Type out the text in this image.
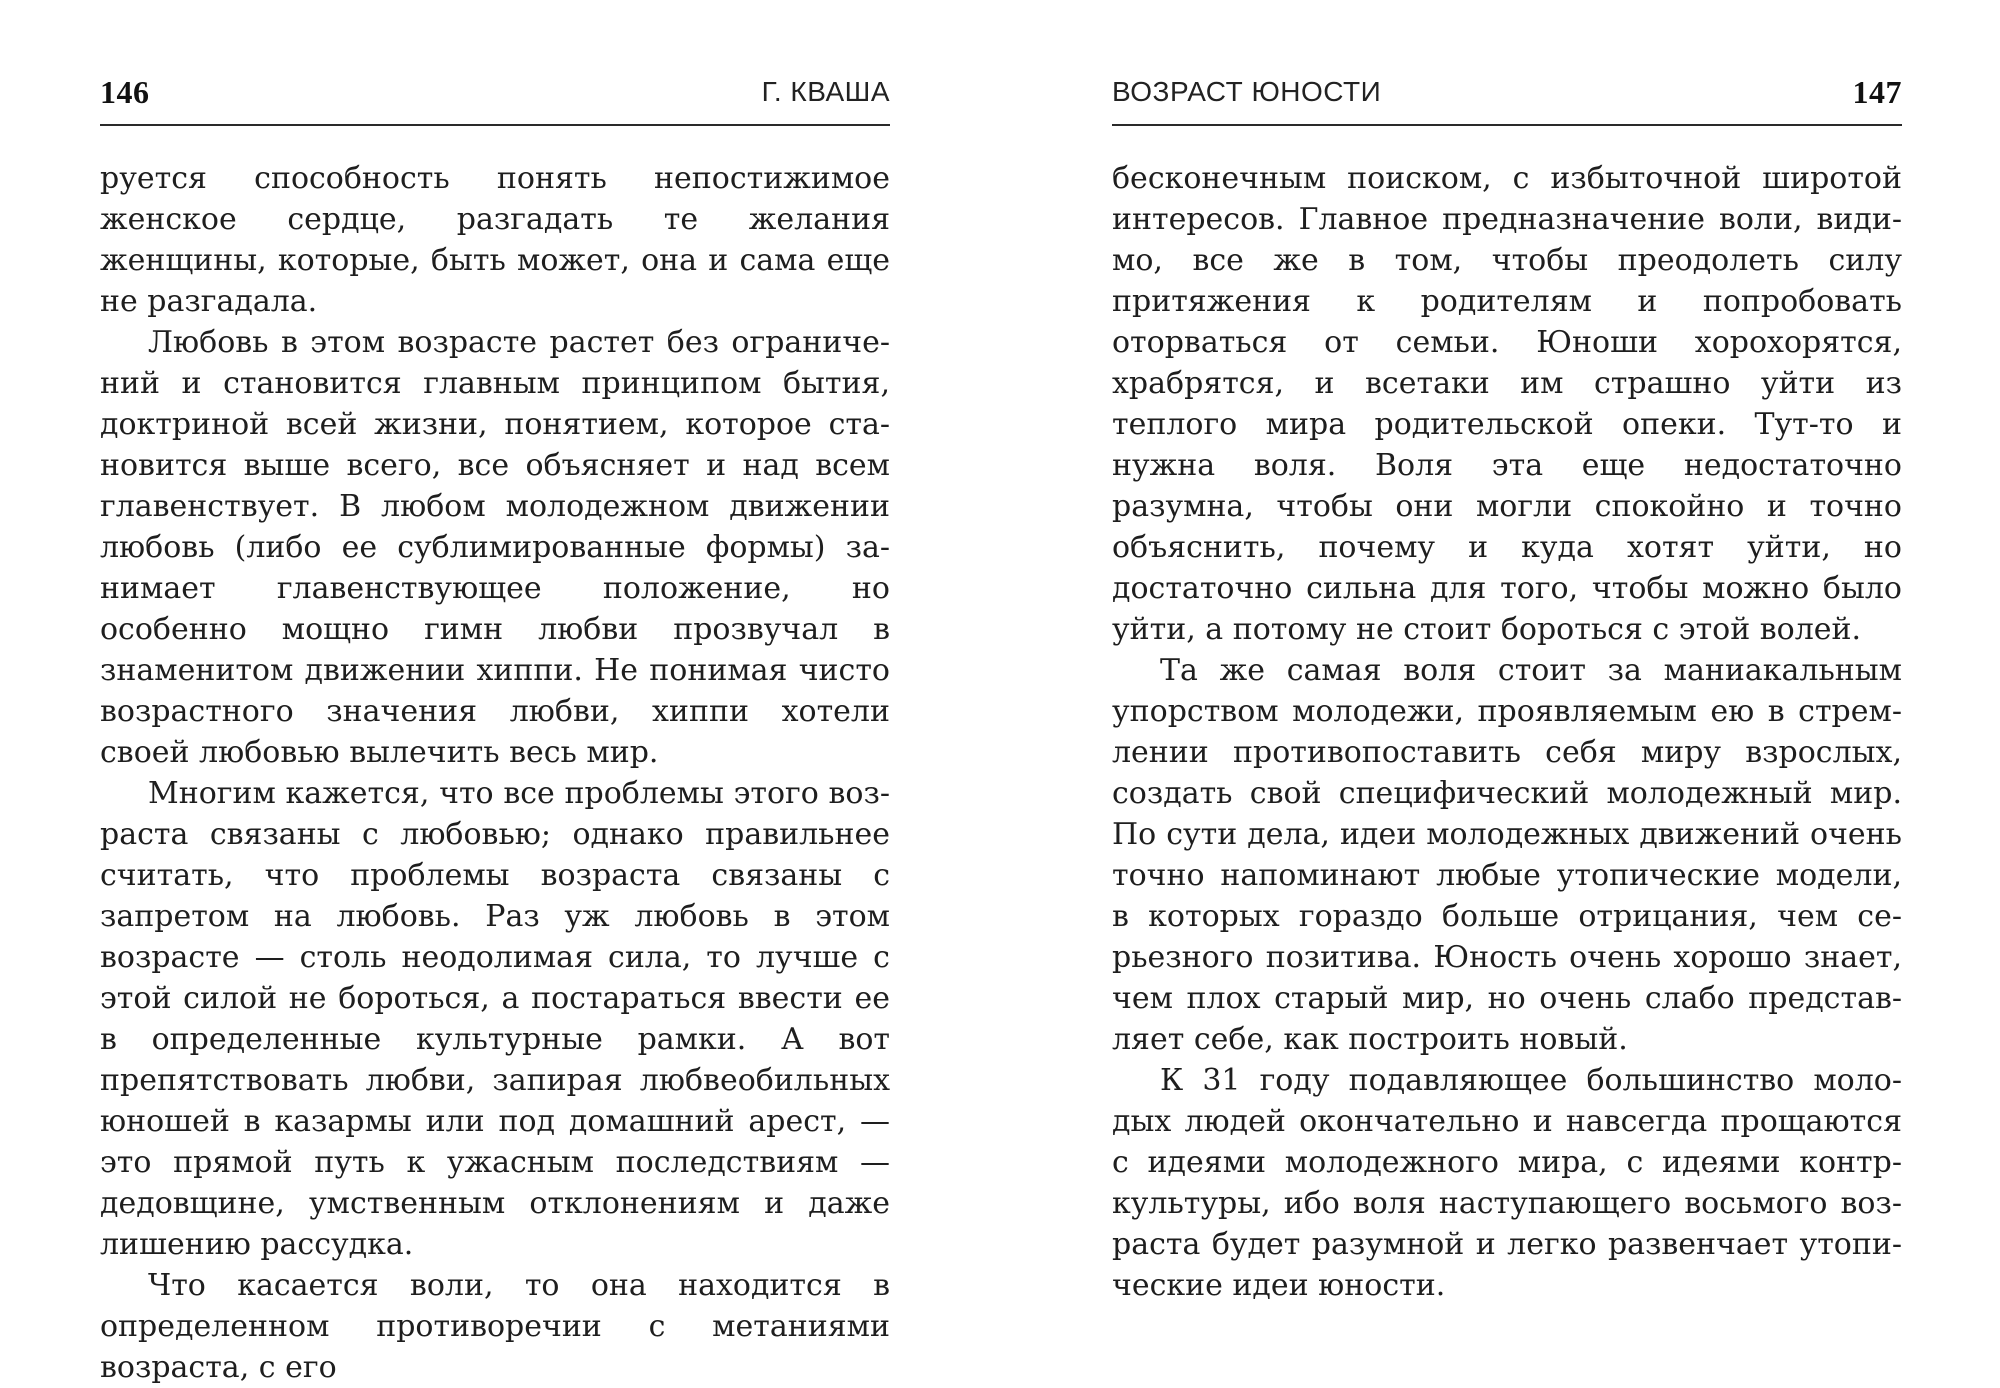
146	Г. КВАША

руется способность понять непостижимое женское сердце, разгадать те желания женщины, которые, быть может, она и сама еще не разгадала.

Любовь в этом возрасте растет без ограничений и становится главным принципом бытия, доктриной всей жизни, понятием, которое становится выше всего, все объясняет и над всем главенствует. В любом молодежном движении любовь (либо ее сублимированные формы) занимает главенствующее положение, но особенно мощно гимн любви прозвучал в знаменитом движении хиппи. Не понимая чисто возрастного значения любви, хиппи хотели своей любовью вылечить весь мир.

Многим кажется, что все проблемы этого возраста связаны с любовью; однако правильнее считать, что проблемы возраста связаны с запретом на любовь. Раз уж любовь в этом возрасте — столь неодолимая сила, то лучше с этой силой не бороться, а постараться ввести ее в определенные культурные рамки. А вот препятствовать любви, запирая любвеобильных юношей в казармы или под домашний арест, — это прямой путь к ужасным последствиям — дедовщине, умственным отклонениям и даже лишению рассудка.

Что касается воли, то она находится в определенном противоречии с метаниями возраста, с его

ВОЗРАСТ ЮНОСТИ	147

бесконечным поиском, с избыточной широтой интересов. Главное предназначение воли, видимо, все же в том, чтобы преодолеть силу притяжения к родителям и попробовать оторваться от семьи. Юноши хорохорятся, храбрятся, и всетаки им страшно уйти из теплого мира родительской опеки. Тут-то и нужна воля. Воля эта еще недостаточно разумна, чтобы они могли спокойно и точно объяснить, почему и куда хотят уйти, но достаточно сильна для того, чтобы можно было уйти, а потому не стоит бороться с этой волей.

Та же самая воля стоит за маниакальным упорством молодежи, проявляемым ею в стремлении противопоставить себя миру взрослых, создать свой специфический молодежный мир. По сути дела, идеи молодежных движений очень точно напоминают любые утопические модели, в которых гораздо больше отрицания, чем серьезного позитива. Юность очень хорошо знает, чем плох старый мир, но очень слабо представляет себе, как построить новый.

К 31 году подавляющее большинство молодых людей окончательно и навсегда прощаются с идеями молодежного мира, с идеями контркультуры, ибо воля наступающего восьмого возраста будет разумной и легко развенчает утопические идеи юности.
